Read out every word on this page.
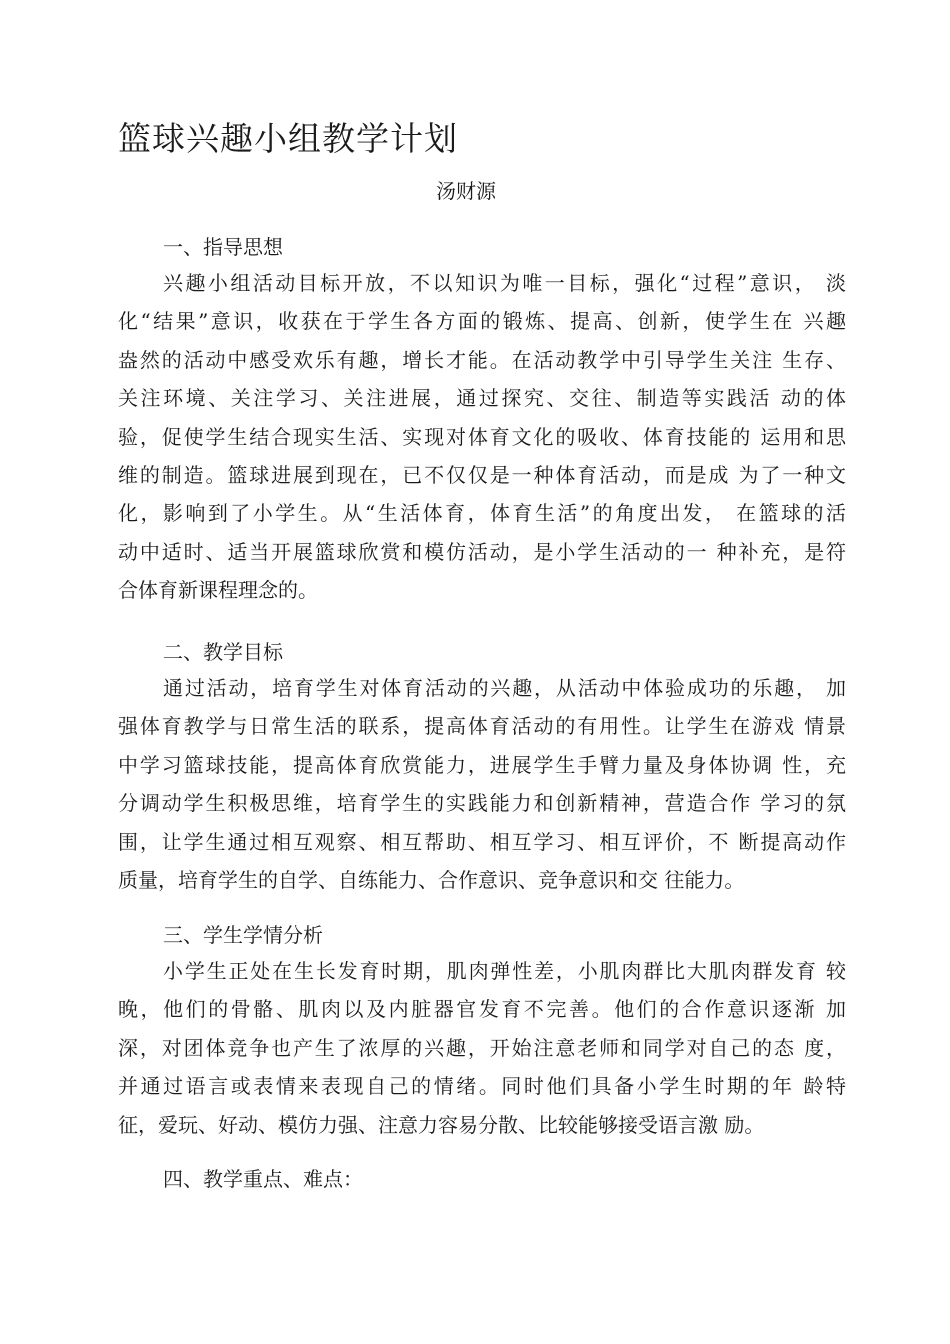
篮球兴趣小组教学计划
汤财源
一、指导思想
兴趣小组活动目标开放，不以知识为唯一目标，强化“过程”意识， 淡
化“结果”意识，收获在于学生各方面的锻炼、提高、创新，使学生在 兴趣
盎然的活动中感受欢乐有趣，增长才能。在活动教学中引导学生关注 生存、
关注环境、关注学习、关注进展，通过探究、交往、制造等实践活 动的体
验，促使学生结合现实生活、实现对体育文化的吸收、体育技能的 运用和思
维的制造。篮球进展到现在，已不仅仅是一种体育活动，而是成 为了一种文
化，影响到了小学生。从“生活体育，体育生活”的角度出发， 在篮球的活
动中适时、适当开展篮球欣赏和模仿活动，是小学生活动的一 种补充，是符
合体育新课程理念的。
二、教学目标
通过活动，培育学生对体育活动的兴趣，从活动中体验成功的乐趣， 加
强体育教学与日常生活的联系，提高体育活动的有用性。让学生在游戏 情景
中学习篮球技能，提高体育欣赏能力，进展学生手臂力量及身体协调 性，充
分调动学生积极思维，培育学生的实践能力和创新精神，营造合作 学习的氛
围，让学生通过相互观察、相互帮助、相互学习、相互评价，不 断提高动作
质量，培育学生的自学、自练能力、合作意识、竞争意识和交 往能力。
三、学生学情分析
小学生正处在生长发育时期，肌肉弹性差，小肌肉群比大肌肉群发育 较
晚，他们的骨骼、肌肉以及内脏器官发育不完善。他们的合作意识逐渐 加
深，对团体竞争也产生了浓厚的兴趣，开始注意老师和同学对自己的态 度，
并通过语言或表情来表现自己的情绪。同时他们具备小学生时期的年 龄特
征，爱玩、好动、模仿力强、注意力容易分散、比较能够接受语言激 励。
四、教学重点、难点：
